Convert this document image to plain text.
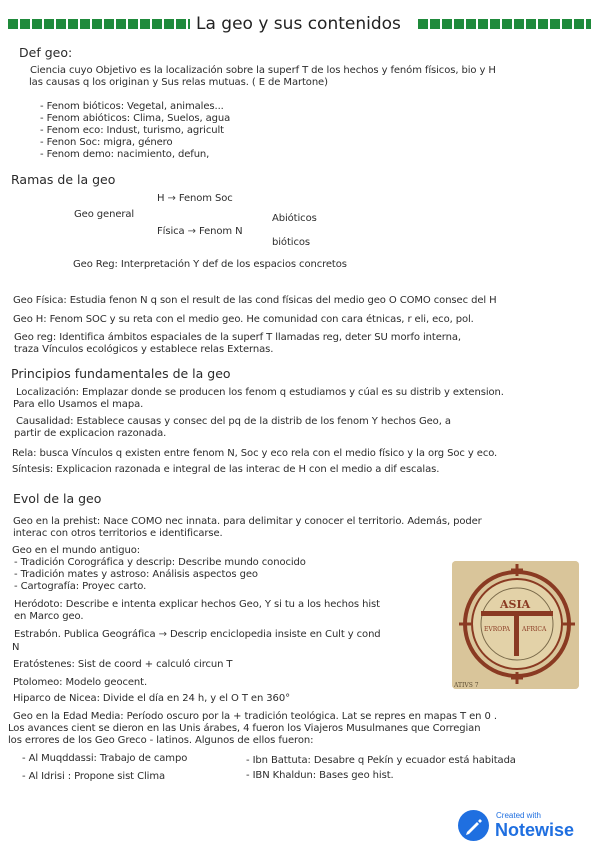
La geo y sus contenidos
Def geo:
Ciencia cuyo Objetivo es la localización sobre la superf T de los hechos y fenóm físicos, bio y H
las causas q los originan y Sus relas mutuas. ( E de Martone)
- Fenom bióticos: Vegetal, animales...
- Fenom abióticos: Clima, Suelos, agua
- Fenom eco: Indust, turismo, agricult
- Fenon Soc: migra, género
- Fenom demo: nacimiento, defun,
Ramas de la geo
H → Fenom Soc
Geo general	Abióticos
Física → Fenom N
bióticos
Geo Reg: Interpretación Y def de los espacios concretos
Geo Física: Estudia fenon N q son el result de las cond físicas del medio geo O COMO consec del H
Geo H: Fenom SOC y su reta con el medio geo. He comunidad con cara étnicas, r eli, eco, pol.
Geo reg: Identifica ámbitos espaciales de la superf T llamadas reg, deter SU morfo interna,
traza Vínculos ecológicos y establece relas Externas.
Principios fundamentales de la geo
Localización: Emplazar donde se producen los fenom q estudiamos y cúal es su distrib y extension.
Para ello Usamos el mapa.
Causalidad: Establece causas y consec del pq de la distrib de los fenom Y hechos Geo, a
partir de explicacion razonada.
Rela: busca Vínculos q existen entre fenom N, Soc y eco rela con el medio físico y la org Soc y eco.
Síntesis: Explicacion razonada e integral de las interac de H con el medio a dif escalas.
Evol de la geo
Geo en la prehist: Nace COMO nec innata. para delimitar y conocer el territorio. Además, poder
interac con otros territorios e identificarse.
Geo en el mundo antiguo:
- Tradición Corográfica y descrip: Describe mundo conocido
- Tradición mates y astroso: Análisis aspectos geo
- Cartografía: Proyec carto.
Heródoto: Describe e intenta explicar hechos Geo, Y si tu a los hechos hist
en Marco geo.
Estrabón. Publica Geográfica → Descrip enciclopedia insiste en Cult y cond
N
Eratóstenes: Sist de coord + calculó circun T
Ptolomeo: Modelo geocent.
Hiparco de Nicea: Divide el día en 24 h, y el O T en 360°
Geo en la Edad Media: Período oscuro por la + tradición teológica. Lat se repres en mapas T en 0 .
Los avances cient se dieron en las Unis árabes, 4 fueron los Viajeros Musulmanes que Corregian
los errores de los Geo Greco - latinos. Algunos de ellos fueron:
- Al Muqddassi: Trabajo de campo	- Ibn Battuta: Desabre q Pekín y ecuador está habitada
- Al Idrisi : Propone sist Clima	- IBN Khaldun: Bases geo hist.
ASIA
EVROPA AFRICA
ATIVS 7
Created with
Notewise
